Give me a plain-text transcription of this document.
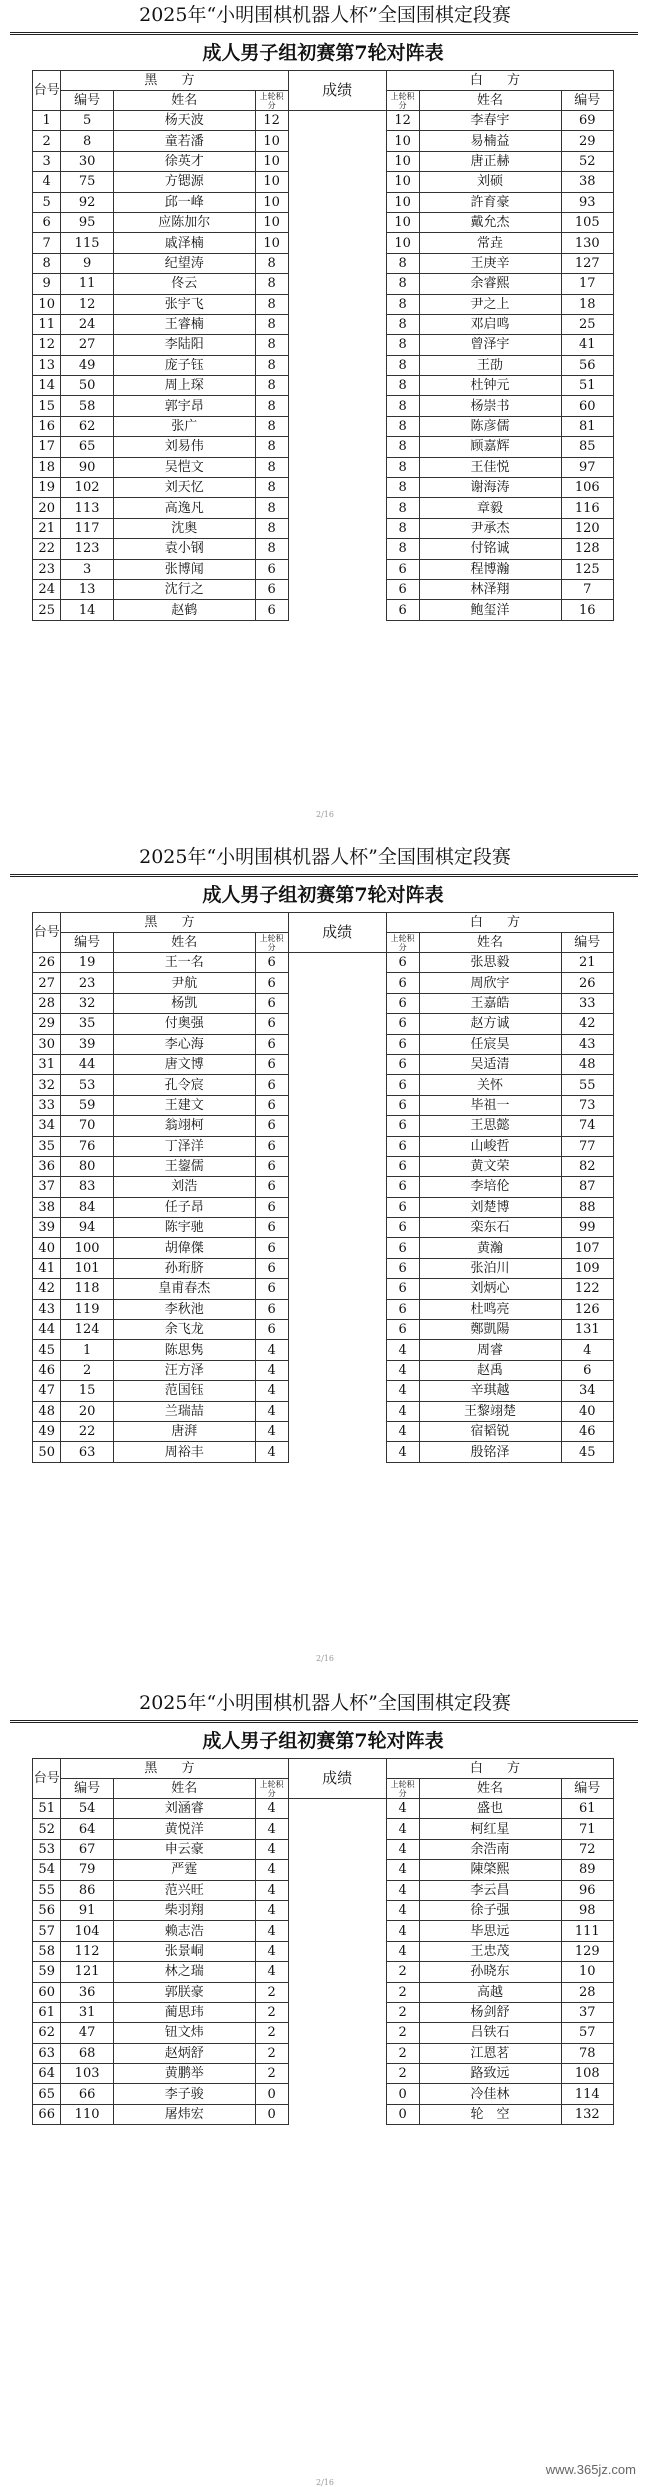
2025年“小明围棋机器人杯”全国围棋定段赛
成人男子组初赛第7轮对阵表
台号	黑 方			成绩	白 方		
	编号	姓名	上轮积分		上轮积分	姓名	编号
1	5	杨天波	12		12	李春宇	69
2	8	童若潘	10		10	易楠益	29
3	30	徐英才	10		10	唐正赫	52
4	75	方锶源	10		10	刘硕	38
5	92	邱一峰	10		10	許育豪	93
6	95	应陈加尔	10		10	戴允杰	105
7	115	戚泽楠	10		10	常垚	130
8	9	纪望涛	8		8	王庚辛	127
9	11	佟云	8		8	余睿熙	17
10	12	张宇飞	8		8	尹之上	18
11	24	王睿楠	8		8	邓启鸣	25
12	27	李陆阳	8		8	曾泽宇	41
13	49	庞子钰	8		8	王劭	56
14	50	周上琛	8		8	杜钟元	51
15	58	郭宇昂	8		8	杨崇书	60
16	62	张广	8		8	陈彦儒	81
17	65	刘易伟	8		8	顾嘉辉	85
18	90	吴恺文	8		8	王佳悦	97
19	102	刘天忆	8		8	谢海涛	106
20	113	高逸凡	8		8	章毅	116
21	117	沈奥	8		8	尹承杰	120
22	123	袁小钢	8		8	付铭诚	128
23	3	张博闻	6		6	程博瀚	125
24	13	沈行之	6		6	林泽翔	7
25	14	赵鹤	6		6	鲍玺洋	16
2/16
2025年“小明围棋机器人杯”全国围棋定段赛
成人男子组初赛第7轮对阵表
台号	黑 方			成绩	白 方		
	编号	姓名	上轮积分		上轮积分	姓名	编号
26	19	王一名	6		6	张思毅	21
27	23	尹航	6		6	周欣宇	26
28	32	杨凯	6		6	王嘉皓	33
29	35	付奥强	6		6	赵方诚	42
30	39	李心海	6		6	任宸昊	43
31	44	唐文博	6		6	吴适清	48
32	53	孔令宸	6		6	关怀	55
33	59	王建文	6		6	毕祖一	73
34	70	翁翊柯	6		6	王思懿	74
35	76	丁泽洋	6		6	山峻哲	77
36	80	王鋆儒	6		6	黄文荣	82
37	83	刘浩	6		6	李培伦	87
38	84	任子昂	6		6	刘楚博	88
39	94	陈宇驰	6		6	栾东石	99
40	100	胡偉傑	6		6	黄瀚	107
41	101	孙珩脐	6		6	张泊川	109
42	118	皇甫春杰	6		6	刘炳心	122
43	119	李秋池	6		6	杜鸣亮	126
44	124	余飞龙	6		6	鄭凱陽	131
45	1	陈思隽	4		4	周睿	4
46	2	汪方泽	4		4	赵禹	6
47	15	范国钰	4		4	辛琪越	34
48	20	兰瑞喆	4		4	王黎翊楚	40
49	22	唐湃	4		4	宿韬锐	46
50	63	周裕丰	4		4	殷铭泽	45
2/16
2025年“小明围棋机器人杯”全国围棋定段赛
成人男子组初赛第7轮对阵表
台号	黑 方			成绩	白 方		
	编号	姓名	上轮积分		上轮积分	姓名	编号
51	54	刘涵睿	4		4	盛也	61
52	64	黄悦洋	4		4	柯红星	71
53	67	申云豪	4		4	余浩南	72
54	79	严霆	4		4	陳棨熙	89
55	86	范兴旺	4		4	李云昌	96
56	91	柴羽翔	4		4	徐子强	98
57	104	赖志浩	4		4	毕思远	111
58	112	张景峒	4		4	王忠茂	129
59	121	林之瑞	4		2	孙晓东	10
60	36	郭朕豪	2		2	高越	28
61	31	蔺思玮	2		2	杨剑舒	37
62	47	钮文炜	2		2	吕铁石	57
63	68	赵炳舒	2		2	江恩茗	78
64	103	黄鹏举	2		2	路致远	108
65	66	李子骏	0		0	冷佳林	114
66	110	屠炜宏	0		0	轮　空	132
2/16
www.365jz.com
